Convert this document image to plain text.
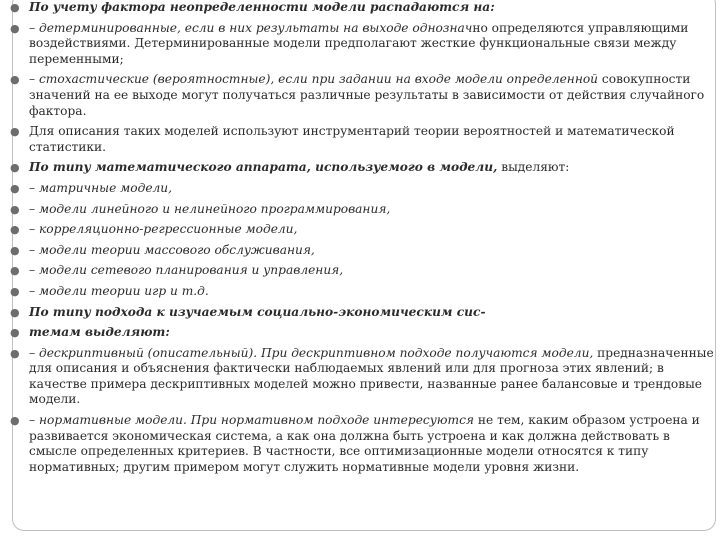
● По учету фактора неопределенности модели распадаются на:
● – детерминированные, если в них результаты на выходе однозначно определяются управляющими воздействиями. Детерминированные модели предполагают жесткие функциональные связи между переменными;
● – стохастические (вероятностные), если при задании на входе модели определенной совокупности значений на ее выходе могут получаться различные результаты в зависимости от действия случайного фактора.
● Для описания таких моделей используют инструментарий теории вероятностей и математической статистики.
● По типу математического аппарата, используемого в модели, выделяют:
● – матричные модели,
● – модели линейного и нелинейного программирования,
● – корреляционно-регрессионные модели,
● – модели теории массового обслуживания,
● – модели сетевого планирования и управления,
● – модели теории игр и т.д.
● По типу подхода к изучаемым социально-экономическим сис-
● темам выделяют:
● – дескриптивный (описательный). При дескриптивном подходе получаются модели, предназначенные для описания и объяснения фактически наблюдаемых явлений или для прогноза этих явлений; в качестве примера дескриптивных моделей можно привести, названные ранее балансовые и трендовые модели.
● – нормативные модели. При нормативном подходе интересуются не тем, каким образом устроена и развивается экономическая система, а как она должна быть устроена и как должна действовать в смысле определенных критериев. В частности, все оптимизационные модели относятся к типу нормативных; другим примером могут служить нормативные модели уровня жизни.
